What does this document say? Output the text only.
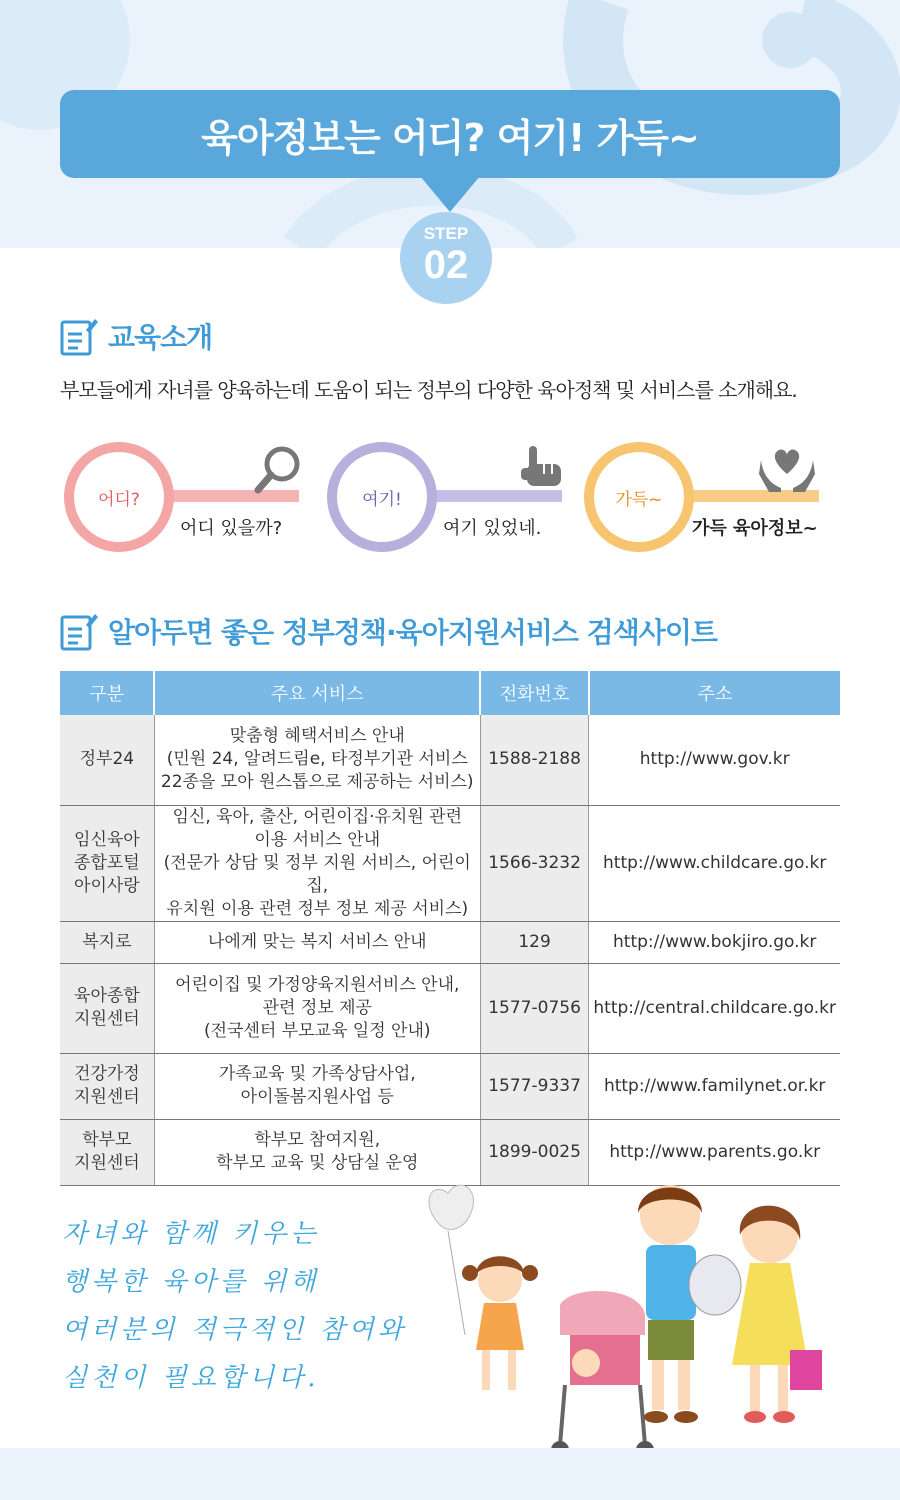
육아정보는 어디? 여기! 가득~
STEP
02
교육소개
부모들에게 자녀를 양육하는데 도움이 되는 정부의 다양한 육아정책 및 서비스를 소개해요.
어디?
어디 있을까?
여기!
여기 있었네.
가득~
가득 육아정보~
알아두면 좋은 정부정책·육아지원서비스 검색사이트
구분	주요 서비스	전화번호	주소

정부24	맞춤형 혜택서비스 안내
(민원 24, 알려드림e, 타정부기관 서비스
22종을 모아 원스톱으로 제공하는 서비스)	1588-2188	http://www.gov.kr

임신육아
종합포털
아이사랑	임신, 육아, 출산, 어린이집·유치원 관련
이용 서비스 안내
(전문가 상담 및 정부 지원 서비스, 어린이집,
유치원 이용 관련 정부 정보 제공 서비스)	1566-3232	http://www.childcare.go.kr

복지로	나에게 맞는 복지 서비스 안내	129	http://www.bokjiro.go.kr

육아종합
지원센터	어린이집 및 가정양육지원서비스 안내,
관련 정보 제공
(전국센터 부모교육 일정 안내)	1577-0756	http://central.childcare.go.kr

건강가정
지원센터	가족교육 및 가족상담사업,
아이돌봄지원사업 등	1577-9337	http://www.familynet.or.kr

학부모
지원센터	학부모 참여지원,
학부모 교육 및 상담실 운영	1899-0025	http://www.parents.go.kr
자녀와 함께 키우는
행복한 육아를 위해
여러분의 적극적인 참여와
실천이 필요합니다.
